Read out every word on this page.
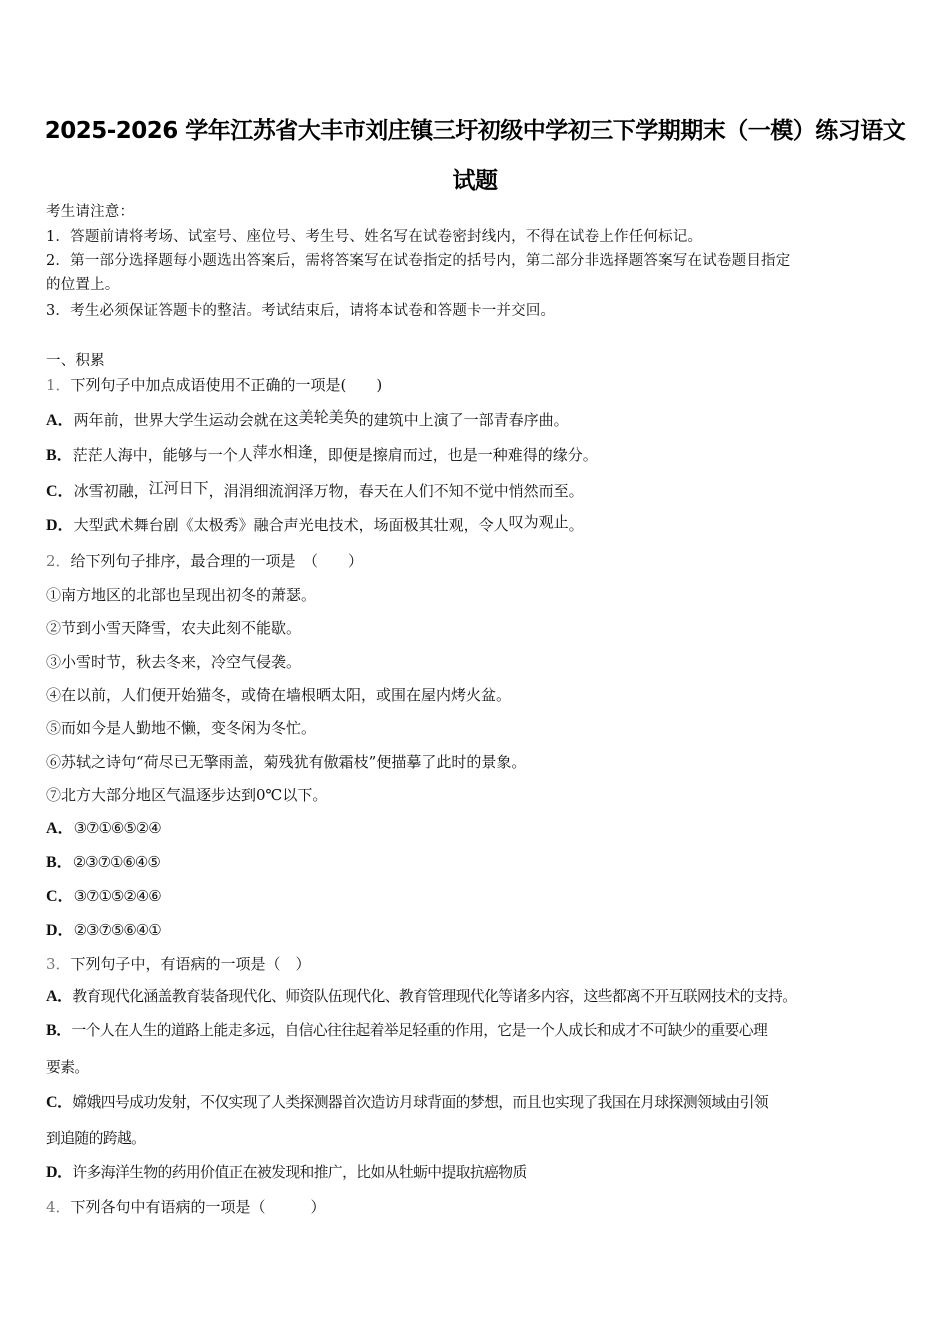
2025-2026 学年江苏省大丰市刘庄镇三圩初级中学初三下学期期末（一模）练习语文
试题
考生请注意：
1．答题前请将考场、试室号、座位号、考生号、姓名写在试卷密封线内，不得在试卷上作任何标记。
2．第一部分选择题每小题选出答案后，需将答案写在试卷指定的括号内，第二部分非选择题答案写在试卷题目指定
的位置上。
3．考生必须保证答题卡的整洁。考试结束后，请将本试卷和答题卡一并交回。
一、积累
1．下列句子中加点成语使用不正确的一项是(　　)
A．两年前，世界大学生运动会就在这美轮美奂的建筑中上演了一部青春序曲。
B．茫茫人海中，能够与一个人萍水相逢，即便是擦肩而过，也是一种难得的缘分。
C．冰雪初融，江河日下，涓涓细流润泽万物，春天在人们不知不觉中悄然而至。
D．大型武术舞台剧《太极秀》融合声光电技术，场面极其壮观，令人叹为观止。
2．给下列句子排序，最合理的一项是　（　　）
①南方地区的北部也呈现出初冬的萧瑟。
②节到小雪天降雪，农夫此刻不能歇。
③小雪时节，秋去冬来，冷空气侵袭。
④在以前，人们便开始猫冬，或倚在墙根晒太阳，或围在屋内烤火盆。
⑤而如今是人勤地不懒，变冬闲为冬忙。
⑥苏轼之诗句“荷尽已无擎雨盖，菊残犹有傲霜枝”便描摹了此时的景象。
⑦北方大部分地区气温逐步达到0℃以下。
A．③⑦①⑥⑤②④
B．②③⑦①⑥④⑤
C．③⑦①⑤②④⑥
D．②③⑦⑤⑥④①
3．下列句子中，有语病的一项是（　）
A．教育现代化涵盖教育装备现代化、师资队伍现代化、教育管理现代化等诸多内容，这些都离不开互联网技术的支持。
B．一个人在人生的道路上能走多远，自信心往往起着举足轻重的作用，它是一个人成长和成才不可缺少的重要心理
要素。
C．嫦娥四号成功发射，不仅实现了人类探测器首次造访月球背面的梦想，而且也实现了我国在月球探测领域由引领
到追随的跨越。
D．许多海洋生物的药用价值正在被发现和推广，比如从牡蛎中提取抗癌物质
4．下列各句中有语病的一项是（　　　）
